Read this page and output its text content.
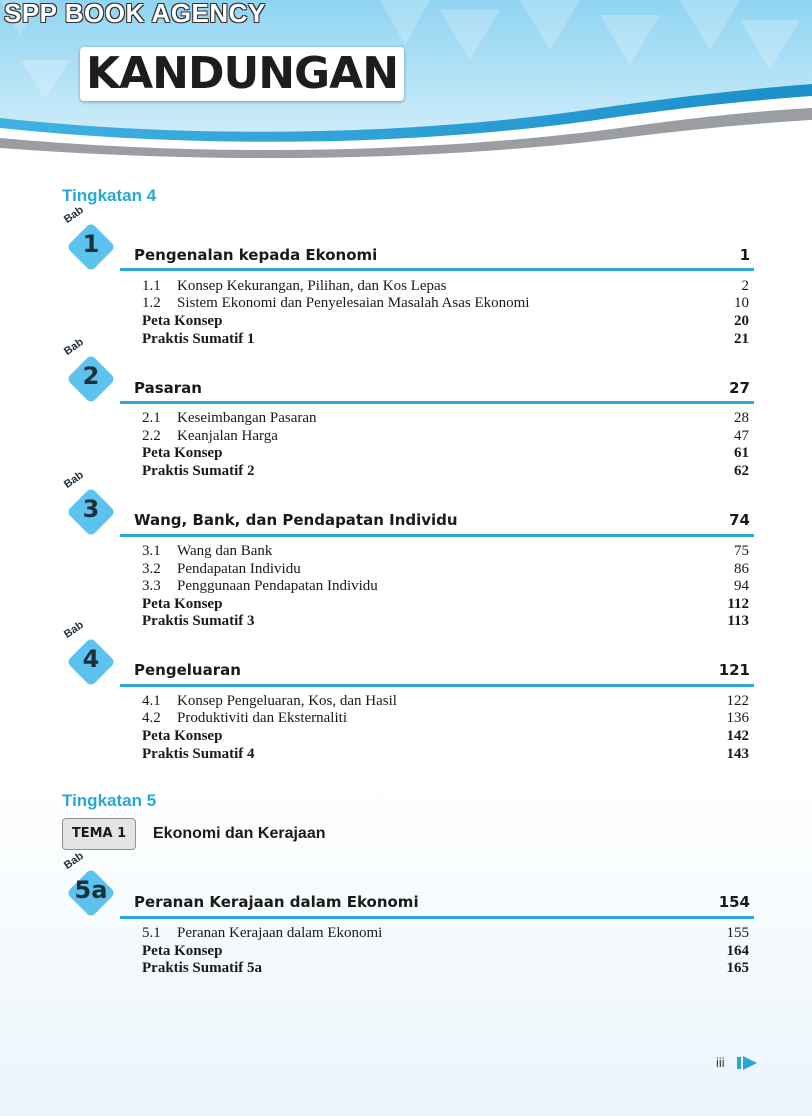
SPP BOOK AGENCY
KANDUNGAN
Tingkatan 4
Bab
1	Pengenalan kepada Ekonomi	1
1.1 Konsep Kekurangan, Pilihan, dan Kos Lepas	2
1.2 Sistem Ekonomi dan Penyelesaian Masalah Asas Ekonomi	10
Peta Konsep	20
Praktis Sumatif 1	21
Bab
2	Pasaran	27
2.1 Keseimbangan Pasaran	28
2.2 Keanjalan Harga	47
Peta Konsep	61
Praktis Sumatif 2	62
Bab
3	Wang, Bank, dan Pendapatan Individu	74
3.1 Wang dan Bank	75
3.2 Pendapatan Individu	86
3.3 Penggunaan Pendapatan Individu	94
Peta Konsep	112
Praktis Sumatif 3	113
Bab
4	Pengeluaran	121
4.1 Konsep Pengeluaran, Kos, dan Hasil	122
4.2 Produktiviti dan Eksternaliti	136
Peta Konsep	142
Praktis Sumatif 4	143
Tingkatan 5
TEMA 1	Ekonomi dan Kerajaan
Bab
5a	Peranan Kerajaan dalam Ekonomi	154
5.1 Peranan Kerajaan dalam Ekonomi	155
Peta Konsep	164
Praktis Sumatif 5a	165
iii
